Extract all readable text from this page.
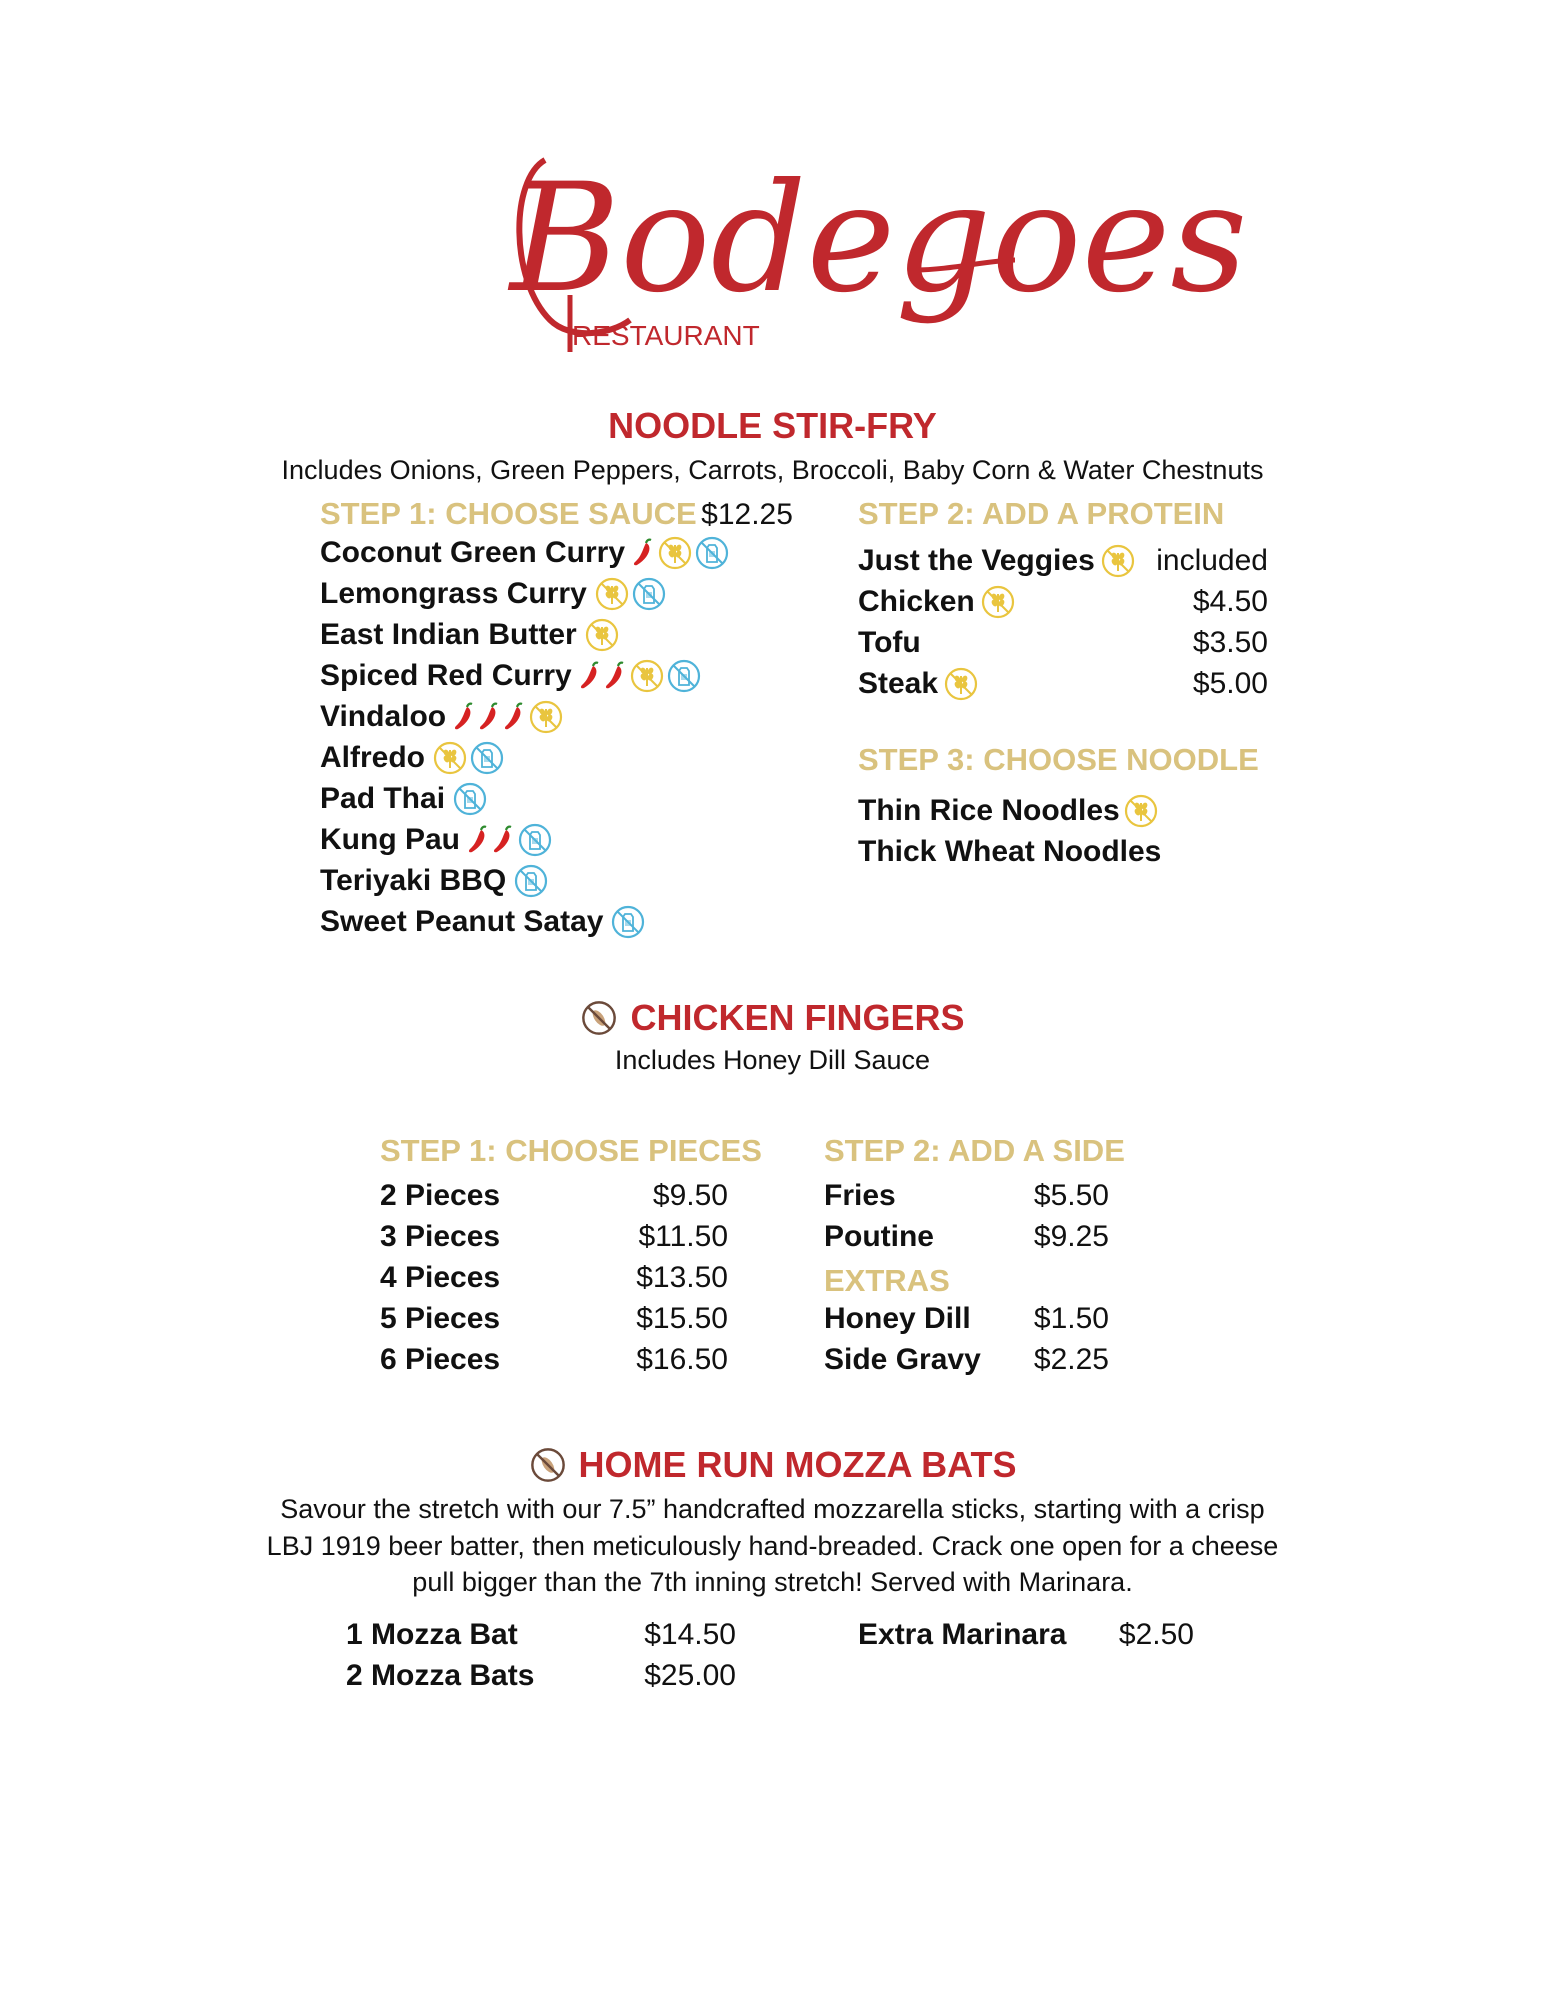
Bodegoes
RESTAURANT
NOODLE STIR-FRY
Includes Onions, Green Peppers, Carrots, Broccoli, Baby Corn & Water Chestnuts
STEP 1: CHOOSE SAUCE $12.25
Coconut Green Curry
Lemongrass Curry
East Indian Butter
Spiced Red Curry
Vindaloo
Alfredo
Pad Thai
Kung Pau
Teriyaki BBQ
Sweet Peanut Satay
STEP 2: ADD A PROTEIN
Just the Veggies included
Chicken	$4.50
Tofu	$3.50
Steak	$5.00
STEP 3: CHOOSE NOODLE
Thin Rice Noodles
Thick Wheat Noodles
CHICKEN FINGERS
Includes Honey Dill Sauce
STEP 1: CHOOSE PIECES
2 Pieces	$9.50
3 Pieces	$11.50
4 Pieces	$13.50
5 Pieces	$15.50
6 Pieces	$16.50
STEP 2: ADD A SIDE
Fries	$5.50
Poutine	$9.25
EXTRAS
Honey Dill $1.50
Side Gravy $2.25
HOME RUN MOZZA BATS
Savour the stretch with our 7.5” handcrafted mozzarella sticks, starting with a crisp
LBJ 1919 beer batter, then meticulously hand-breaded. Crack one open for a cheese
pull bigger than the 7th inning stretch! Served with Marinara.
1 Mozza Bat	$14.50
2 Mozza Bats	$25.00
Extra Marinara $2.50
